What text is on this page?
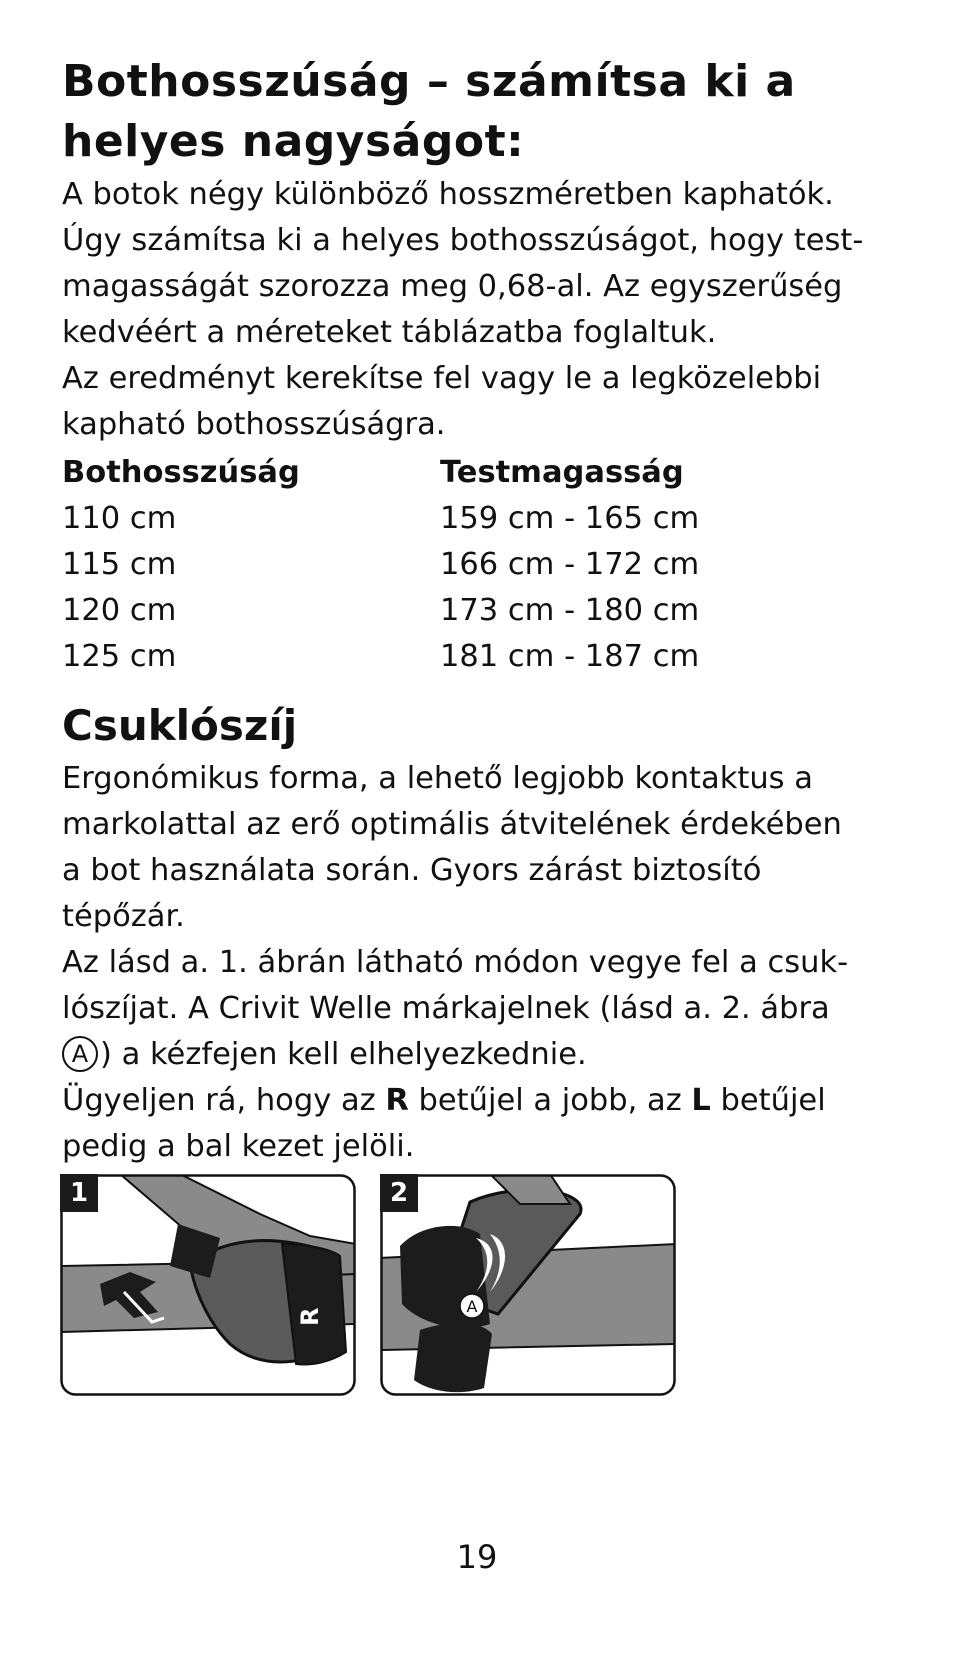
Bothosszúság – számítsa ki a
helyes nagyságot:

A botok négy különböző hosszméretben kaphatók.

Úgy számítsa ki a helyes bothosszúságot, hogy test-

magasságát szorozza meg 0,68-al. Az egyszerűség

kedvéért a méreteket táblázatba foglaltuk.

Az eredményt kerekítse fel vagy le a legközelebbi

kapható bothosszúságra.

Bothosszúság	Testmagasság
110 cm	159 cm - 165 cm
115 cm	166 cm - 172 cm
120 cm	173 cm - 180 cm
125 cm	181 cm - 187 cm
Csuklószíj

Ergonómikus forma, a lehető legjobb kontaktus a

markolattal az erő optimális átvitelének érdekében

a bot használata során. Gyors zárást biztosító

tépőzár.

Az lásd a. 1. ábrán látható módon vegye fel a csuk-

lószíjat. A Crivit Welle márkajelnek (lásd a. 2. ábra

A ) a kézfejen kell elhelyezkednie.

Ügyeljen rá, hogy az R betűjel a jobb, az L betűjel

pedig a bal kezet jelöli.

R
1
A
2
19
